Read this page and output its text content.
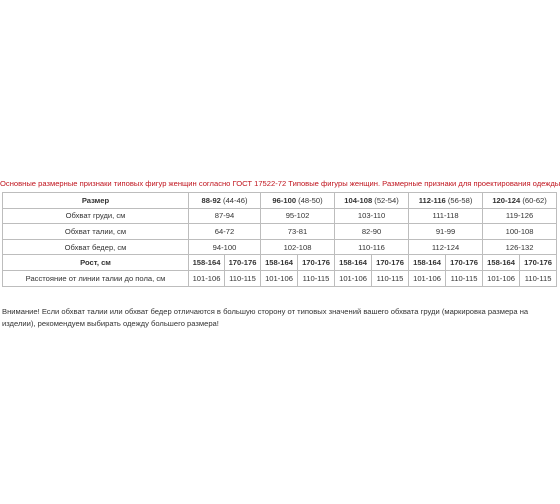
Основные размерные признаки типовых фигур женщин согласно ГОСТ 17522-72 Типовые фигуры женщин. Размерные признаки для проектирования одежды
Размер	88-92 (44-46)		96-100 (48-50)		104-108 (52-54)		112-116 (56-58)		120-124 (60-62)	
Обхват груди, см	87-94		95-102		103-110		111-118		119-126	
Обхват талии, см	64-72		73-81		82-90		91-99		100-108	
Обхват бедер, см	94-100		102-108		110-116		112-124		126-132	
Рост, см	158-164	170-176	158-164	170-176	158-164	170-176	158-164	170-176	158-164	170-176
Расстояние от линии талии до пола, см	101-106	110-115	101-106	110-115	101-106	110-115	101-106	110-115	101-106	110-115
Внимание! Если обхват талии или обхват бедер отличаются в большую сторону от типовых значений вашего обхвата груди (маркировка размера на изделии), рекомендуем выбирать одежду большего размера!
